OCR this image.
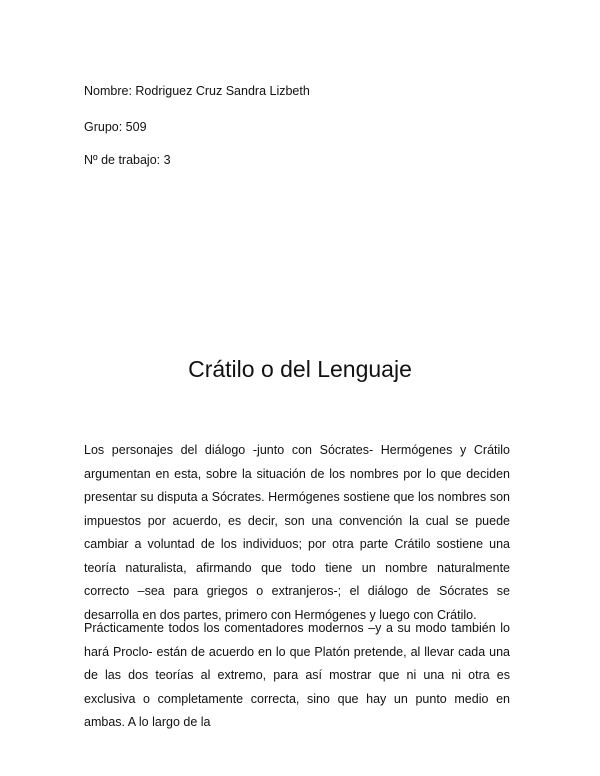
Nombre: Rodriguez Cruz Sandra Lizbeth
Grupo: 509
Nº de trabajo: 3
Crátilo o del Lenguaje

Los personajes del diálogo -junto con Sócrates- Hermógenes y Crátilo argumentan en esta, sobre la situación de los nombres por lo que deciden presentar su disputa a Sócrates. Hermógenes sostiene que los nombres son impuestos por acuerdo, es decir, son una convención la cual se puede cambiar a voluntad de los individuos; por otra parte Crátilo sostiene una teoría naturalista, afirmando que todo tiene un nombre naturalmente correcto –sea para griegos o extranjeros-; el diálogo de Sócrates se desarrolla en dos partes, primero con Hermógenes y luego con Crátilo.

Prácticamente todos los comentadores modernos –y a su modo también lo hará Proclo- están de acuerdo en lo que Platón pretende, al llevar cada una de las dos teorías al extremo, para así mostrar que ni una ni otra es exclusiva o completamente correcta, sino que hay un punto medio en ambas. A lo largo de la
